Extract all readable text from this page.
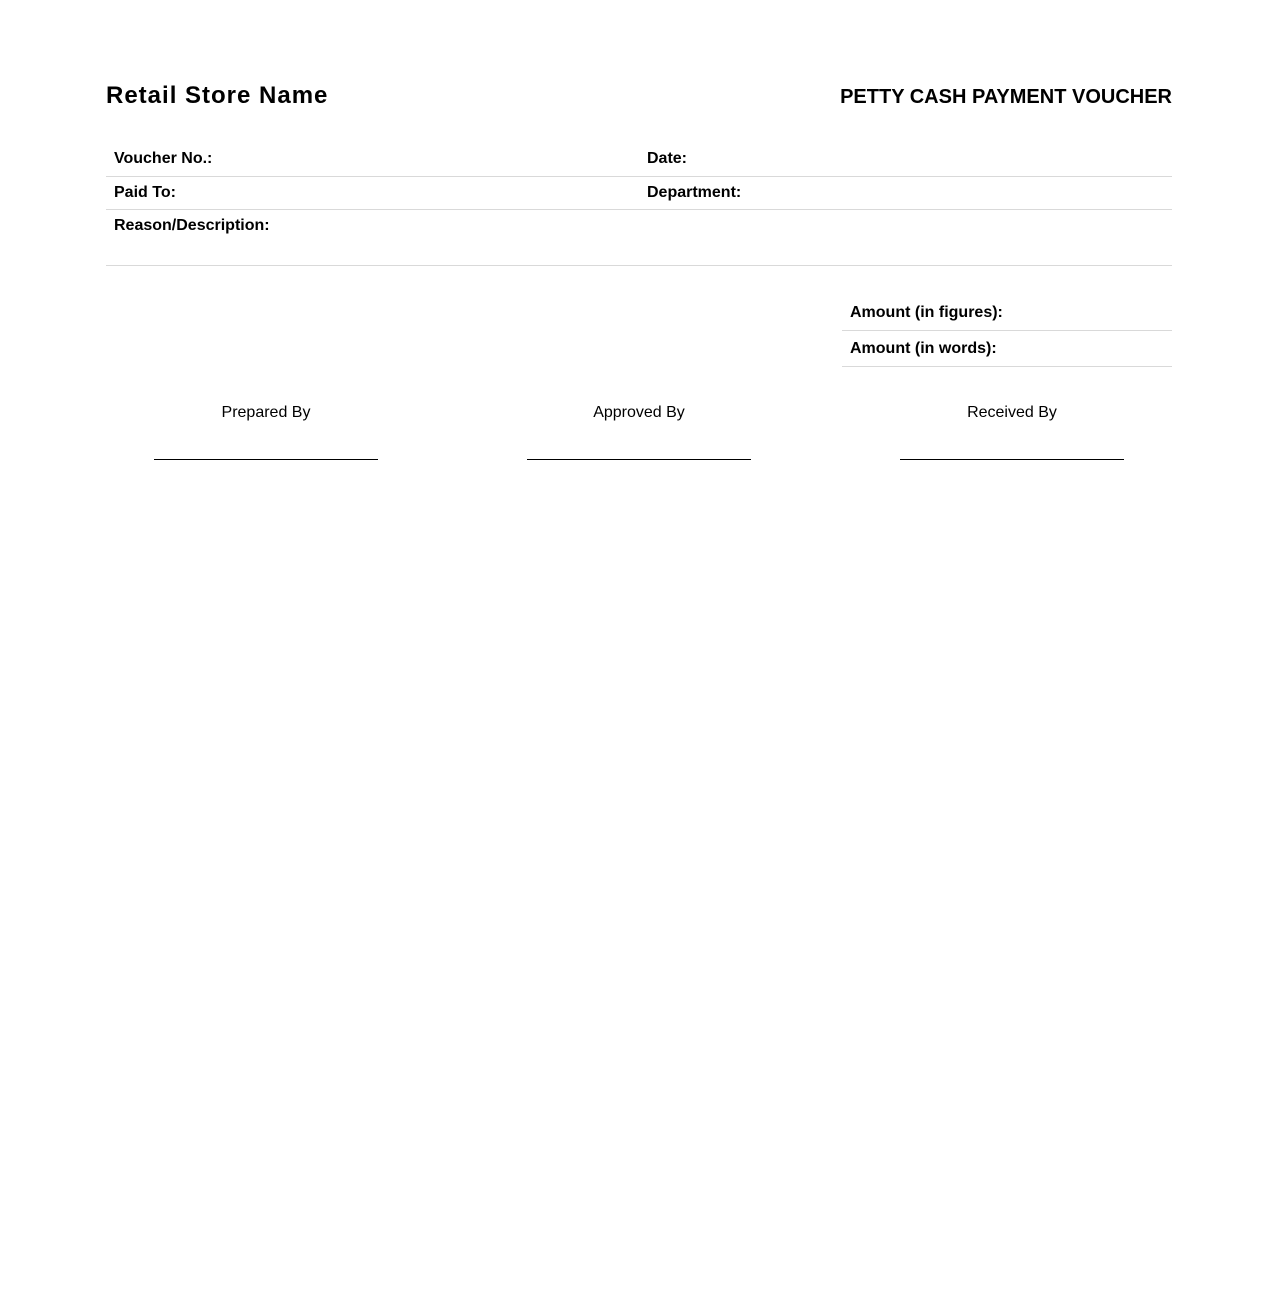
Retail Store Name	PETTY CASH PAYMENT VOUCHER
Voucher No.:	Date:
Paid To:	Department:
Reason/Description:	
Amount (in figures):
Amount (in words):
Prepared By	Approved By	Received By
